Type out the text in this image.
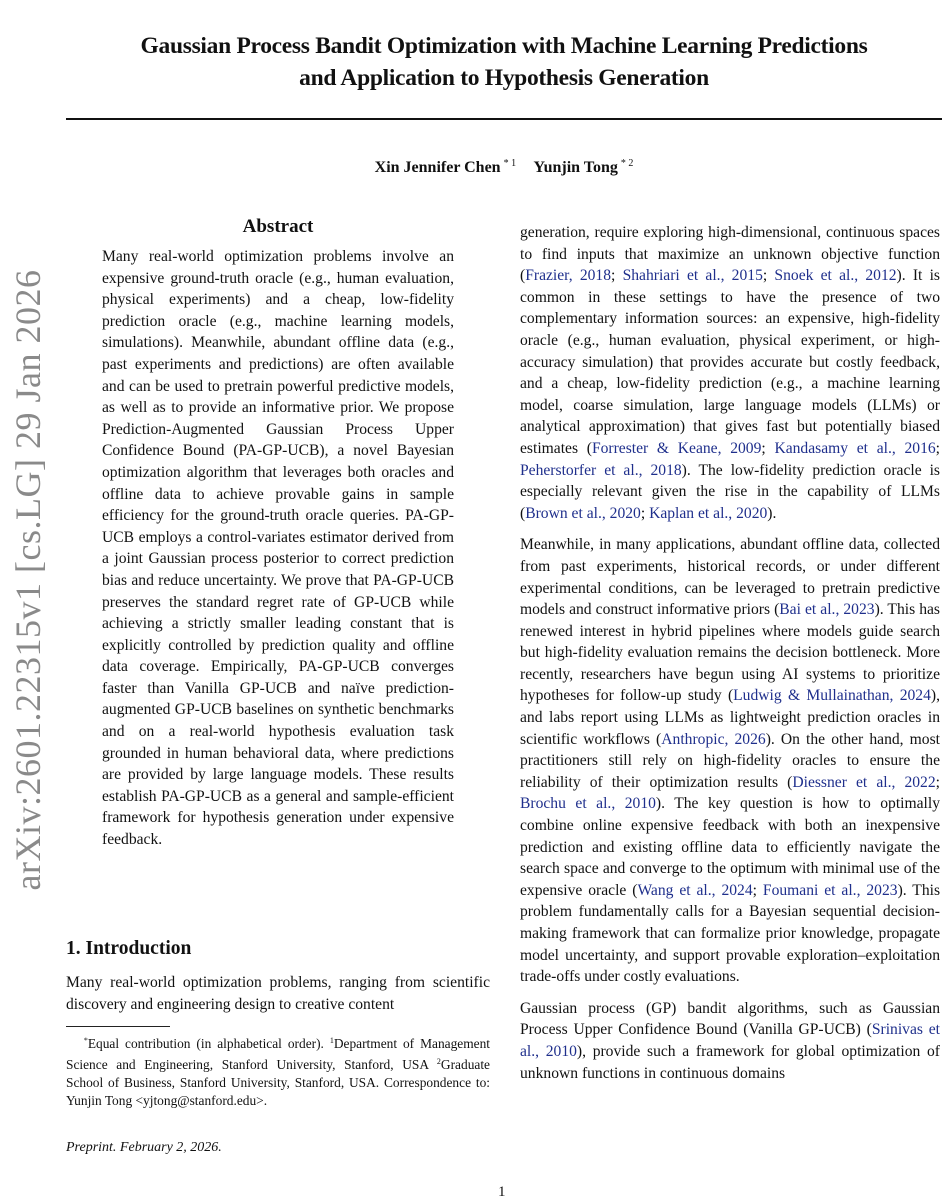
arXiv:2601.22315v1 [cs.LG] 29 Jan 2026
Gaussian Process Bandit Optimization with Machine Learning Predictions
and Application to Hypothesis Generation
Xin Jennifer Chen $^{* 1}$ Yunjin Tong $^{* 2}$
Abstract
Many real-world optimization problems involve an expensive ground-truth oracle (e.g., human evaluation, physical experiments) and a cheap, low-fidelity prediction oracle (e.g., machine learning models, simulations). Meanwhile, abundant offline data (e.g., past experiments and predictions) are often available and can be used to pretrain powerful predictive models, as well as to provide an informative prior. We propose Prediction-Augmented Gaussian Process Upper Confidence Bound (PA-GP-UCB), a novel Bayesian optimization algorithm that leverages both oracles and offline data to achieve provable gains in sample efficiency for the ground-truth oracle queries. PA-GP-UCB employs a control-variates estimator derived from a joint Gaussian process posterior to correct prediction bias and reduce uncertainty. We prove that PA-GP-UCB preserves the standard regret rate of GP-UCB while achieving a strictly smaller leading constant that is explicitly controlled by prediction quality and offline data coverage. Empirically, PA-GP-UCB converges faster than Vanilla GP-UCB and naïve prediction-augmented GP-UCB baselines on synthetic benchmarks and on a real-world hypothesis evaluation task grounded in human behavioral data, where predictions are provided by large language models. These results establish PA-GP-UCB as a general and sample-efficient framework for hypothesis generation under expensive feedback.
1. Introduction
Many real-world optimization problems, ranging from scientific discovery and engineering design to creative content
*Equal contribution (in alphabetical order). $^1$Department of Management Science and Engineering, Stanford University, Stanford, USA $^2$Graduate School of Business, Stanford University, Stanford, USA. Correspondence to: Yunjin Tong <yjtong@stanford.edu>.
Preprint. February 2, 2026.

generation, require exploring high-dimensional, continuous spaces to find inputs that maximize an unknown objective function (Frazier, 2018; Shahriari et al., 2015; Snoek et al., 2012). It is common in these settings to have the presence of two complementary information sources: an expensive, high-fidelity oracle (e.g., human evaluation, physical experiment, or high-accuracy simulation) that provides accurate but costly feedback, and a cheap, low-fidelity prediction (e.g., a machine learning model, coarse simulation, large language models (LLMs) or analytical approximation) that gives fast but potentially biased estimates (Forrester & Keane, 2009; Kandasamy et al., 2016; Peherstorfer et al., 2018). The low-fidelity prediction oracle is especially relevant given the rise in the capability of LLMs (Brown et al., 2020; Kaplan et al., 2020).

Meanwhile, in many applications, abundant offline data, collected from past experiments, historical records, or under different experimental conditions, can be leveraged to pretrain predictive models and construct informative priors (Bai et al., 2023). This has renewed interest in hybrid pipelines where models guide search but high-fidelity evaluation remains the decision bottleneck. More recently, researchers have begun using AI systems to prioritize hypotheses for follow-up study (Ludwig & Mullainathan, 2024), and labs report using LLMs as lightweight prediction oracles in scientific workflows (Anthropic, 2026). On the other hand, most practitioners still rely on high-fidelity oracles to ensure the reliability of their optimization results (Diessner et al., 2022; Brochu et al., 2010). The key question is how to optimally combine online expensive feedback with both an inexpensive prediction and existing offline data to efficiently navigate the search space and converge to the optimum with minimal use of the expensive oracle (Wang et al., 2024; Foumani et al., 2023). This problem fundamentally calls for a Bayesian sequential decision-making framework that can formalize prior knowledge, propagate model uncertainty, and support provable exploration–exploitation trade-offs under costly evaluations.

Gaussian process (GP) bandit algorithms, such as Gaussian Process Upper Confidence Bound (Vanilla GP-UCB) (Srinivas et al., 2010), provide such a framework for global optimization of unknown functions in continuous domains

1
